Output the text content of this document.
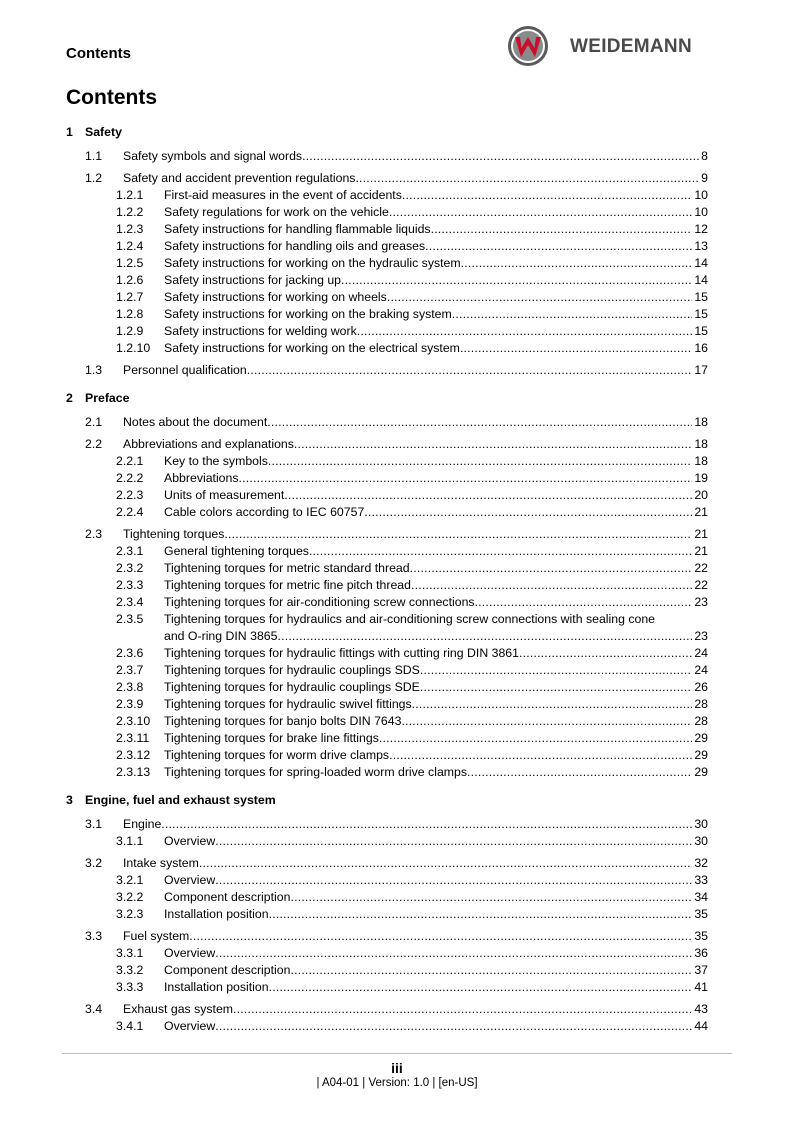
Contents	WEIDEMANN
Contents
1 Safety
1.1	Safety symbols and signal words .....	8
1.2	Safety and accident prevention regulations .....	9
1.2.1	First-aid measures in the event of accidents .....	10
1.2.2	Safety regulations for work on the vehicle .....	10
1.2.3	Safety instructions for handling flammable liquids .....	12
1.2.4	Safety instructions for handling oils and greases .....	13
1.2.5	Safety instructions for working on the hydraulic system .....	14
1.2.6	Safety instructions for jacking up .....	14
1.2.7	Safety instructions for working on wheels .....	15
1.2.8	Safety instructions for working on the braking system .....	15
1.2.9	Safety instructions for welding work .....	15
1.2.10	Safety instructions for working on the electrical system .....	16
1.3	Personnel qualification .....	17
2 Preface
2.1	Notes about the document .....	18
2.2	Abbreviations and explanations .....	18
2.2.1	Key to the symbols .....	18
2.2.2	Abbreviations .....	19
2.2.3	Units of measurement .....	20
2.2.4	Cable colors according to IEC 60757 .....	21
2.3	Tightening torques .....	21
2.3.1	General tightening torques .....	21
2.3.2	Tightening torques for metric standard thread .....	22
2.3.3	Tightening torques for metric fine pitch thread .....	22
2.3.4	Tightening torques for air-conditioning screw connections .....	23
2.3.5	Tightening torques for hydraulics and air-conditioning screw connections with sealing cone
and O-ring DIN 3865 .....	23
2.3.6	Tightening torques for hydraulic fittings with cutting ring DIN 3861 .....	24
2.3.7	Tightening torques for hydraulic couplings SDS .....	24
2.3.8	Tightening torques for hydraulic couplings SDE .....	26
2.3.9	Tightening torques for hydraulic swivel fittings .....	28
2.3.10	Tightening torques for banjo bolts DIN 7643 .....	28
2.3.11	Tightening torques for brake line fittings .....	29
2.3.12	Tightening torques for worm drive clamps .....	29
2.3.13	Tightening torques for spring-loaded worm drive clamps .....	29
3 Engine, fuel and exhaust system
3.1	Engine .....	30
3.1.1	Overview .....	30
3.2	Intake system .....	32
3.2.1	Overview .....	33
3.2.2	Component description .....	34
3.2.3	Installation position .....	35
3.3	Fuel system .....	35
3.3.1	Overview .....	36
3.3.2	Component description .....	37
3.3.3	Installation position .....	41
3.4	Exhaust gas system .....	43
3.4.1	Overview .....	44
iii
| A04-01 | Version: 1.0 | [en-US]
